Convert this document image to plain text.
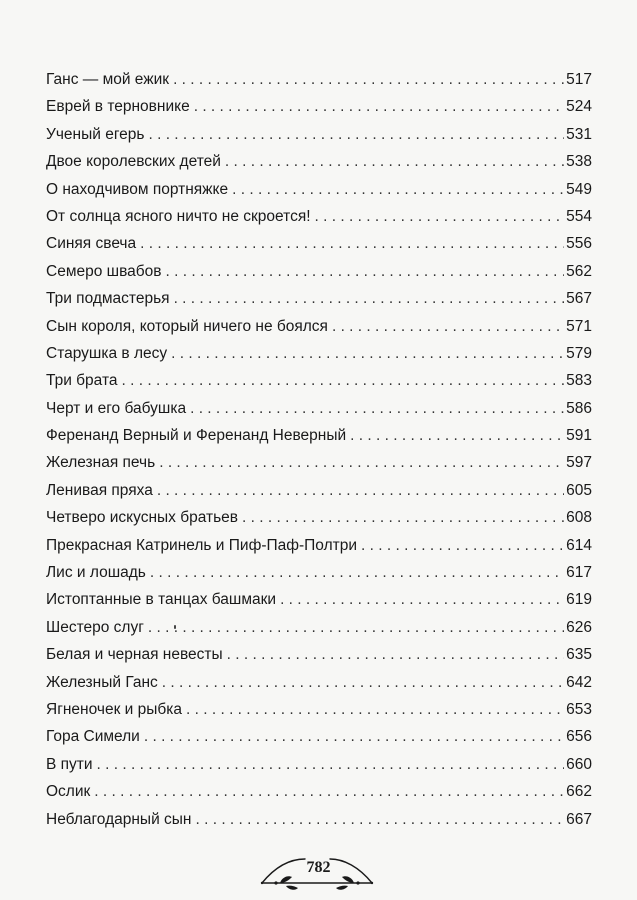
Ганс — мой ежик . . .	517
Еврей в терновнике . . .	524
Ученый егерь . . .	531
Двое королевских детей . . .	538
О находчивом портняжке . . .	549
От солнца ясного ничто не скроется! . . .	554
Синяя свеча . . .	556
Семеро швабов . . .	562
Три подмастерья . . .	567
Сын короля, который ничего не боялся . . .	571
Старушка в лесу . . .	579
Три брата . . .	583
Черт и его бабушка . . .	586
Ференанд Верный и Ференанд Неверный . . .	591
Железная печь . . .	597
Ленивая пряха . . .	605
Четверо искусных братьев . . .	608
Прекрасная Катринель и Пиф-Паф-Полтри . . .	614
Лис и лошадь . . .	617
Истоптанные в танцах башмаки . . .	619
Шестеро слуг . . .	626
Белая и черная невесты . . .	635
Железный Ганс . . .	642
Ягненочек и рыбка . . .	653
Гора Симели . . .	656
В пути . . .	660
Ослик . . .	662
Неблагодарный сын . . .	667
782
